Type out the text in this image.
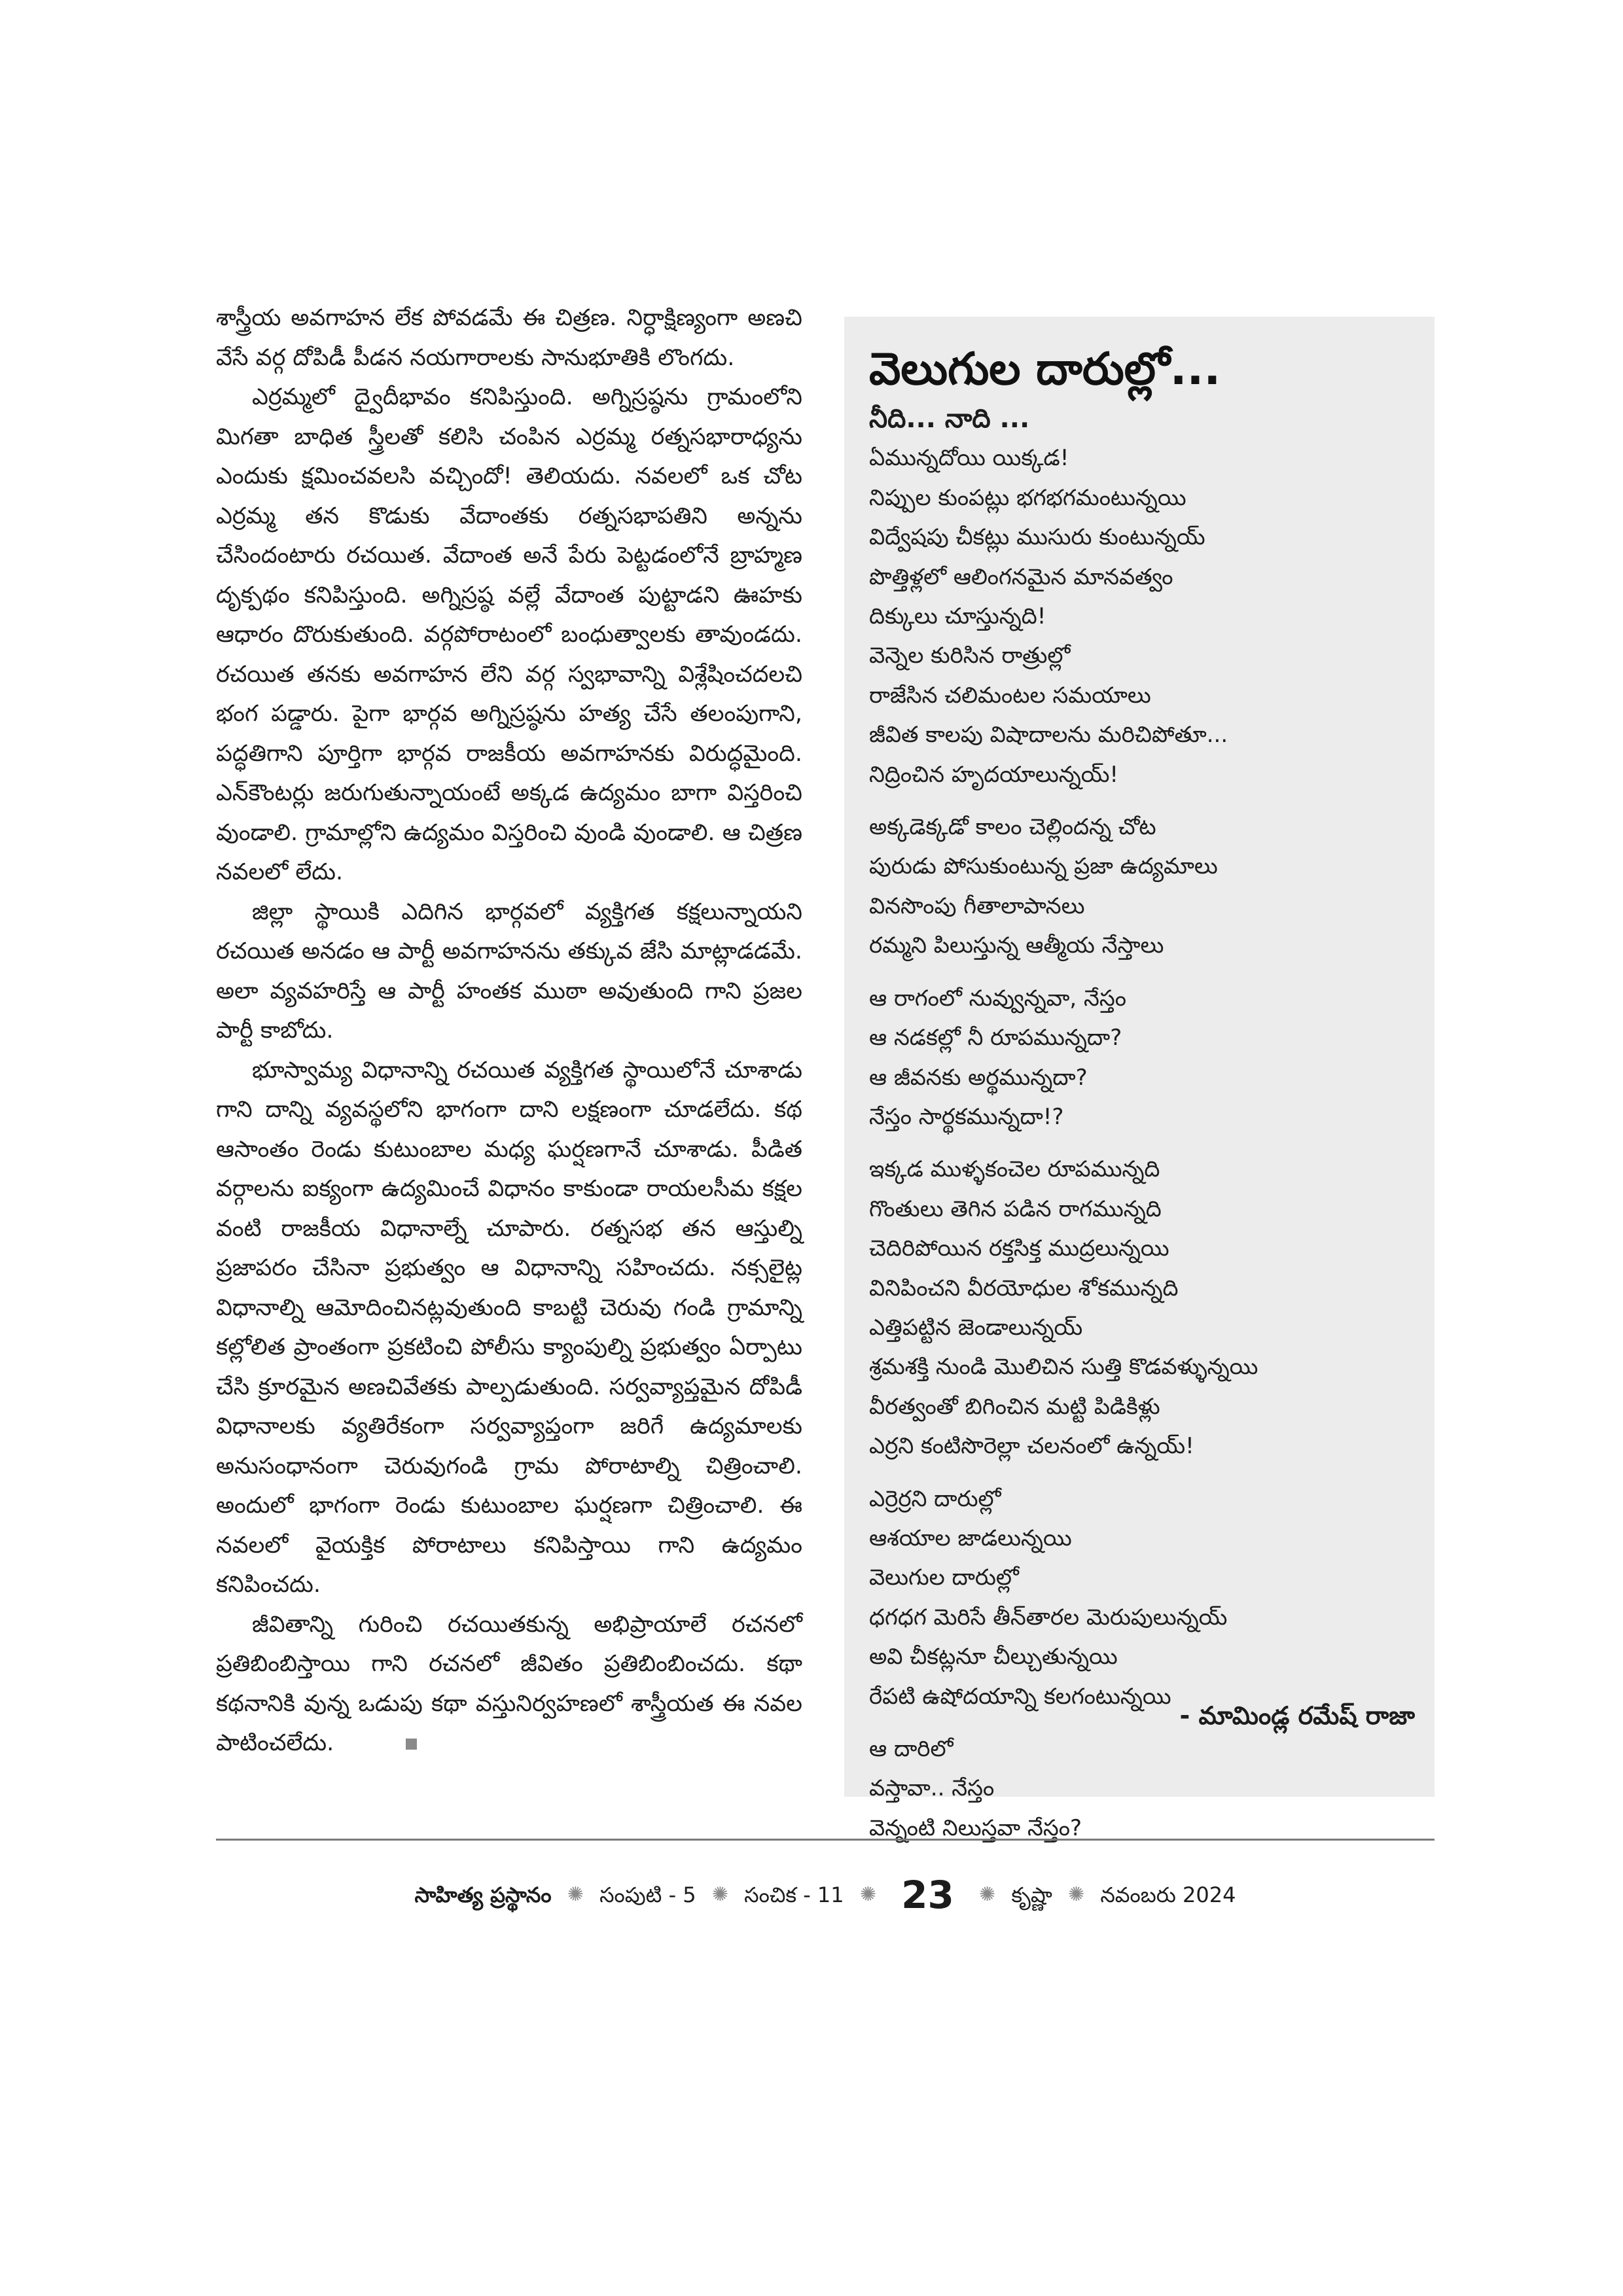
శాస్త్రీయ అవగాహన లేక పోవడమే ఈ చిత్రణ. నిర్ధాక్షిణ్యంగా అణచి వేసే వర్గ దోపిడీ పీడన నయగారాలకు సానుభూతికి లొంగదు.

ఎర్రమ్మలో ద్వైదీభావం కనిపిస్తుంది. అగ్నిస్రష్ఠను గ్రామంలోని మిగతా బాధిత స్త్రీలతో కలిసి చంపిన ఎర్రమ్మ రత్నసభారాధ్యను ఎందుకు క్షమించవలసి వచ్చిందో! తెలియదు. నవలలో ఒక చోట ఎర్రమ్మ తన కొడుకు వేదాంతకు రత్నసభాపతిని అన్నను చేసిందంటారు రచయిత. వేదాంత అనే పేరు పెట్టడంలోనే బ్రాహ్మణ దృక్పథం కనిపిస్తుంది. అగ్నిస్రష్ఠ వల్లే వేదాంత పుట్టాడని ఊహకు ఆధారం దొరుకుతుంది. వర్గపోరాటంలో బంధుత్వాలకు తావుండదు. రచయిత తనకు అవగాహన లేని వర్గ స్వభావాన్ని విశ్లేషించదలచి భంగ పడ్డారు. పైగా భార్గవ అగ్నిస్రష్ఠను హత్య చేసే తలంపుగాని, పద్ధతిగాని పూర్తిగా భార్గవ రాజకీయ అవగాహనకు విరుద్ధమైంది. ఎన్‌కౌంటర్లు జరుగుతున్నాయంటే అక్కడ ఉద్యమం బాగా విస్తరించి వుండాలి. గ్రామాల్లోని ఉద్యమం విస్తరించి వుండి వుండాలి. ఆ చిత్రణ నవలలో లేదు.

జిల్లా స్థాయికి ఎదిగిన భార్గవలో వ్యక్తిగత కక్షలున్నాయని రచయిత అనడం ఆ పార్టీ అవగాహనను తక్కువ జేసి మాట్లాడడమే. అలా వ్యవహరిస్తే ఆ పార్టీ హంతక ముఠా అవుతుంది గాని ప్రజల పార్టీ కాబోదు.

భూస్వామ్య విధానాన్ని రచయిత వ్యక్తిగత స్థాయిలోనే చూశాడు గాని దాన్ని వ్యవస్థలోని భాగంగా దాని లక్షణంగా చూడలేదు. కథ ఆసాంతం రెండు కుటుంబాల మధ్య ఘర్షణగానే చూశాడు. పీడిత వర్గాలను ఐక్యంగా ఉద్యమించే విధానం కాకుండా రాయలసీమ కక్షల వంటి రాజకీయ విధానాల్నే చూపారు. రత్నసభ తన ఆస్తుల్ని ప్రజాపరం చేసినా ప్రభుత్వం ఆ విధానాన్ని సహించదు. నక్సలైట్ల విధానాల్ని ఆమోదించినట్లవుతుంది కాబట్టి చెరువు గండి గ్రామాన్ని కల్లోలిత ప్రాంతంగా ప్రకటించి పోలీసు క్యాంపుల్ని ప్రభుత్వం ఏర్పాటు చేసి క్రూరమైన అణచివేతకు పాల్పడుతుంది. సర్వవ్యాప్తమైన దోపిడీ విధానాలకు వ్యతిరేకంగా సర్వవ్యాప్తంగా జరిగే ఉద్యమాలకు అనుసంధానంగా చెరువుగండి గ్రామ పోరాటాల్ని చిత్రించాలి. అందులో భాగంగా రెండు కుటుంబాల ఘర్షణగా చిత్రించాలి. ఈ నవలలో వైయక్తిక పోరాటాలు కనిపిస్తాయి గాని ఉద్యమం కనిపించదు.

జీవితాన్ని గురించి రచయితకున్న అభిప్రాయాలే రచనలో ప్రతిబింబిస్తాయి గాని రచనలో జీవితం ప్రతిబింబించదు. కథా కథనానికి వున్న ఒడుపు కథా వస్తునిర్వహణలో శాస్త్రీయత ఈ నవల పాటించలేదు.

వెలుగుల దారుల్లో...
నీది... నాది ...
ఏమున్నదోయి యిక్కడ!
నిప్పుల కుంపట్లు భగభగమంటున్నయి
విద్వేషపు చీకట్లు ముసురు కుంటున్నయ్
పొత్తిళ్లలో ఆలింగనమైన మానవత్వం
దిక్కులు చూస్తున్నది!
వెన్నెల కురిసిన రాత్రుల్లో
రాజేసిన చలిమంటల సమయాలు
జీవిత కాలపు విషాదాలను మరిచిపోతూ...
నిద్రించిన హృదయాలున్నయ్!
అక్కడెక్కడో కాలం చెల్లిందన్న చోట
పురుడు పోసుకుంటున్న ప్రజా ఉద్యమాలు
వినసొంపు గీతాలాపానలు
రమ్మని పిలుస్తున్న ఆత్మీయ నేస్తాలు
ఆ రాగంలో నువ్వున్నవా, నేస్తం
ఆ నడకల్లో నీ రూపమున్నదా?
ఆ జీవనకు అర్థమున్నదా?
నేస్తం సార్థకమున్నదా!?
ఇక్కడ ముళ్ళకంచెల రూపమున్నది
గొంతులు తెగిన పడిన రాగమున్నది
చెదిరిపోయిన రక్తసిక్త ముద్రలున్నయి
వినిపించని వీరయోధుల శోకమున్నది
ఎత్తిపట్టిన జెండాలున్నయ్
శ్రమశక్తి నుండి మొలిచిన సుత్తి కొడవళ్ళున్నయి
వీరత్వంతో బిగించిన మట్టి పిడికిళ్లు
ఎర్రని కంటిసొరెల్లా చలనంలో ఉన్నయ్!
ఎర్రెర్రని దారుల్లో
ఆశయాల జాడలున్నయి
వెలుగుల దారుల్లో
ధగధగ మెరిసే తీన్‌తారల మెరుపులున్నయ్
అవి చీకట్లనూ చీల్చుతున్నయి
రేపటి ఉషోదయాన్ని కలగంటున్నయి
ఆ దారిలో
వస్తావా.. నేస్తం
వెన్నంటి నిలుస్తవా నేస్తం?
- మామిండ్ల రమేష్ రాజా
సాహిత్య ప్రస్థానం ✺ సంపుటి - 5 ✺ సంచిక - 11 ✺ 23 ✺ కృష్ణా ✺ నవంబరు 2024
